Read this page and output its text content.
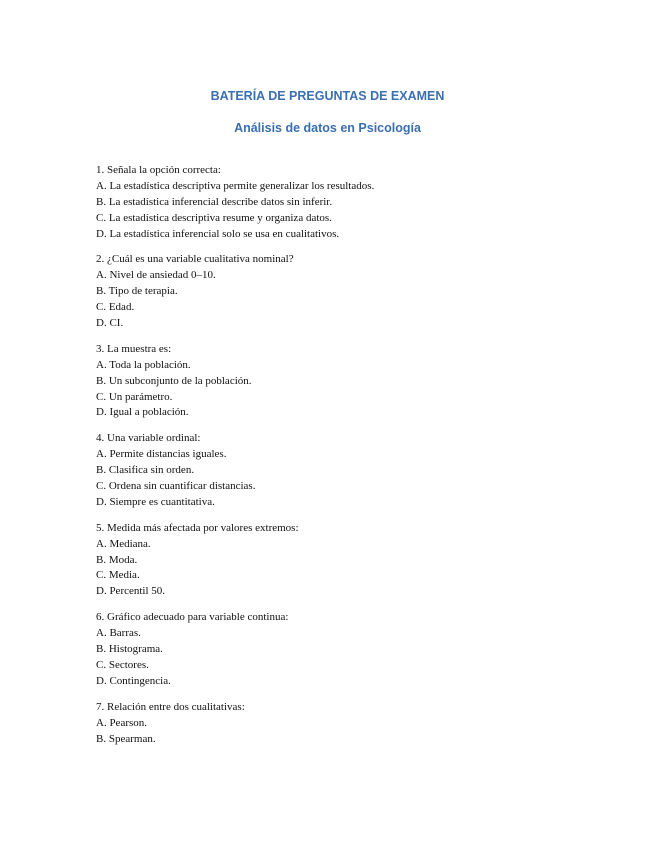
BATERÍA DE PREGUNTAS DE EXAMEN
Análisis de datos en Psicología
1. Señala la opción correcta:
A. La estadística descriptiva permite generalizar los resultados.
B. La estadística inferencial describe datos sin inferir.
C. La estadística descriptiva resume y organiza datos.
D. La estadística inferencial solo se usa en cualitativos.
2. ¿Cuál es una variable cualitativa nominal?
A. Nivel de ansiedad 0–10.
B. Tipo de terapia.
C. Edad.
D. CI.
3. La muestra es:
A. Toda la población.
B. Un subconjunto de la población.
C. Un parámetro.
D. Igual a población.
4. Una variable ordinal:
A. Permite distancias iguales.
B. Clasifica sin orden.
C. Ordena sin cuantificar distancias.
D. Siempre es cuantitativa.
5. Medida más afectada por valores extremos:
A. Mediana.
B. Moda.
C. Media.
D. Percentil 50.
6. Gráfico adecuado para variable continua:
A. Barras.
B. Histograma.
C. Sectores.
D. Contingencia.
7. Relación entre dos cualitativas:
A. Pearson.
B. Spearman.
